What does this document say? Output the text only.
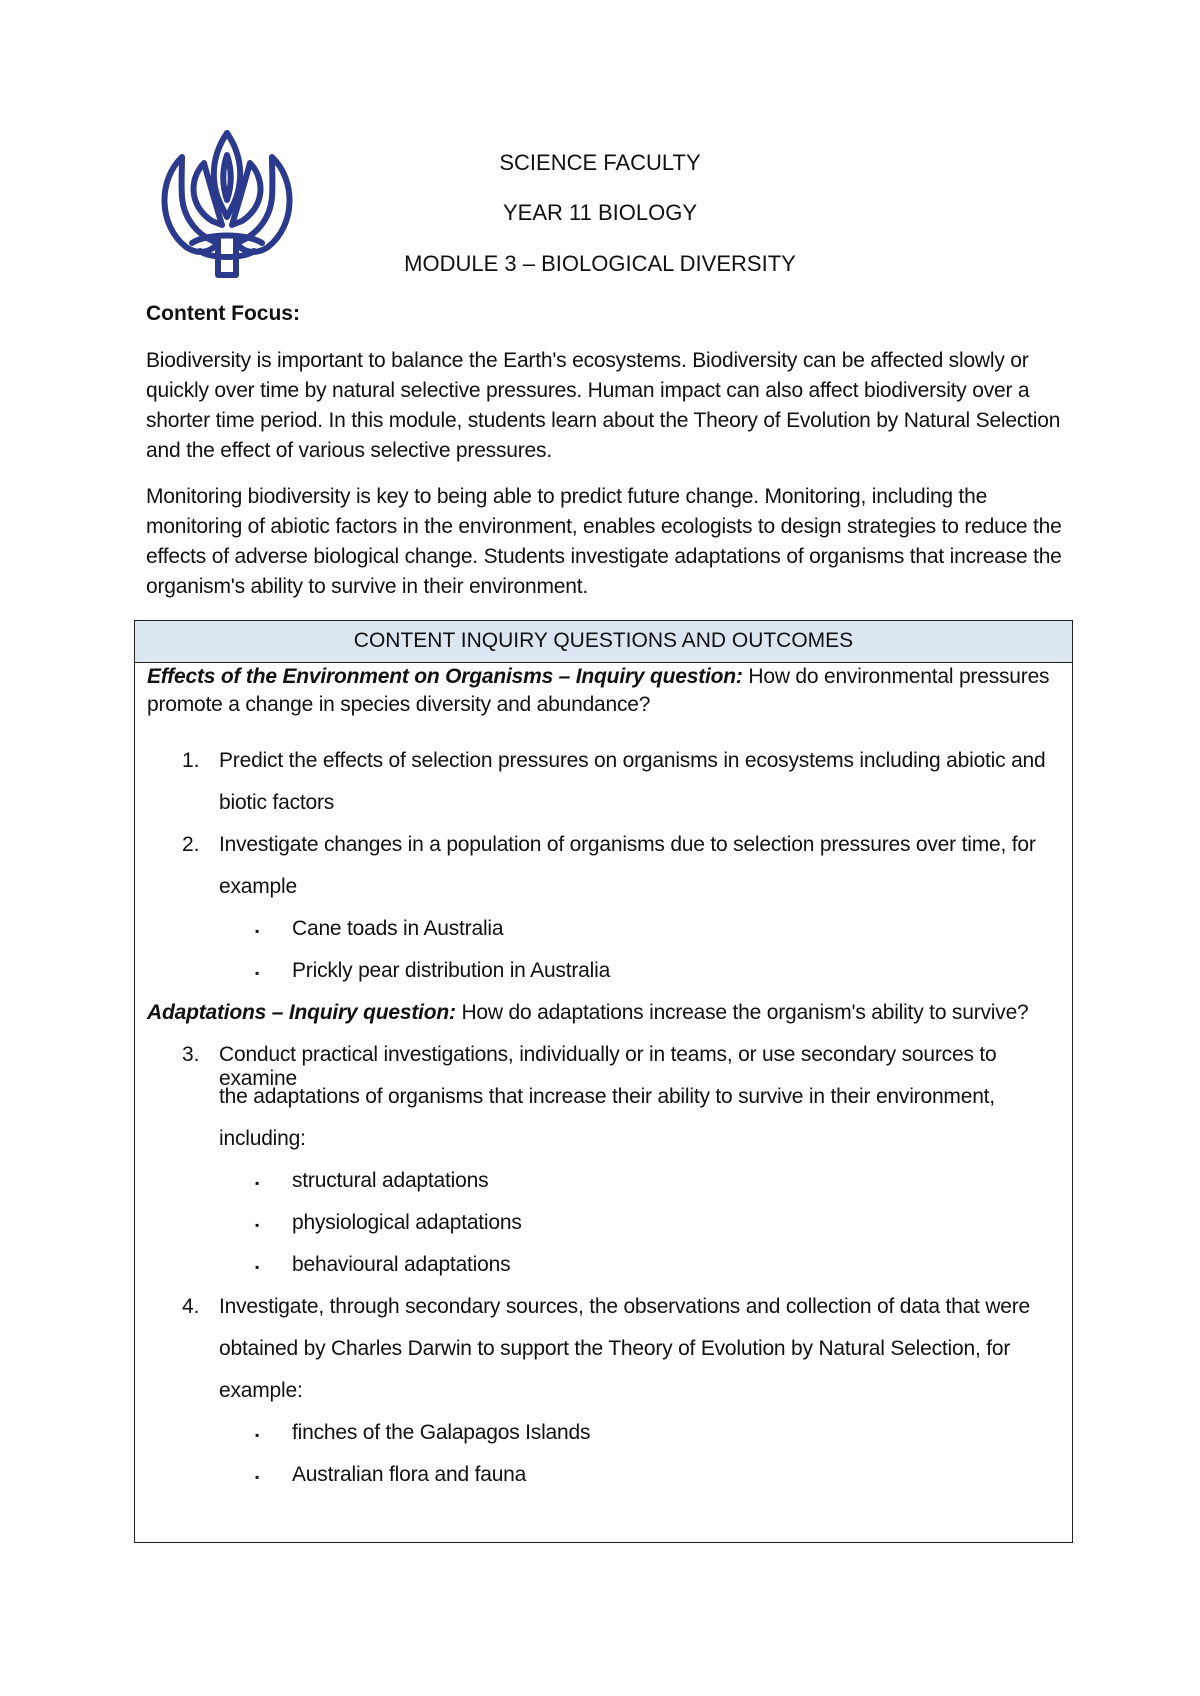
SCIENCE FACULTY
YEAR 11 BIOLOGY
MODULE 3 – BIOLOGICAL DIVERSITY
Content Focus:
Biodiversity is important to balance the Earth's ecosystems. Biodiversity can be affected slowly or
quickly over time by natural selective pressures. Human impact can also affect biodiversity over a
shorter time period. In this module, students learn about the Theory of Evolution by Natural Selection
and the effect of various selective pressures.
Monitoring biodiversity is key to being able to predict future change. Monitoring, including the
monitoring of abiotic factors in the environment, enables ecologists to design strategies to reduce the
effects of adverse biological change. Students investigate adaptations of organisms that increase the
organism's ability to survive in their environment.
CONTENT INQUIRY QUESTIONS AND OUTCOMES
Effects of the Environment on Organisms – Inquiry question: How do environmental pressures
promote a change in species diversity and abundance?
1. Predict the effects of selection pressures on organisms in ecosystems including abiotic and
biotic factors
2. Investigate changes in a population of organisms due to selection pressures over time, for
example
▪ Cane toads in Australia
▪ Prickly pear distribution in Australia
Adaptations – Inquiry question: How do adaptations increase the organism's ability to survive?
3. Conduct practical investigations, individually or in teams, or use secondary sources to examine
the adaptations of organisms that increase their ability to survive in their environment,
including:
▪ structural adaptations
▪ physiological adaptations
▪ behavioural adaptations
4. Investigate, through secondary sources, the observations and collection of data that were
obtained by Charles Darwin to support the Theory of Evolution by Natural Selection, for
example:
▪ finches of the Galapagos Islands
▪ Australian flora and fauna
